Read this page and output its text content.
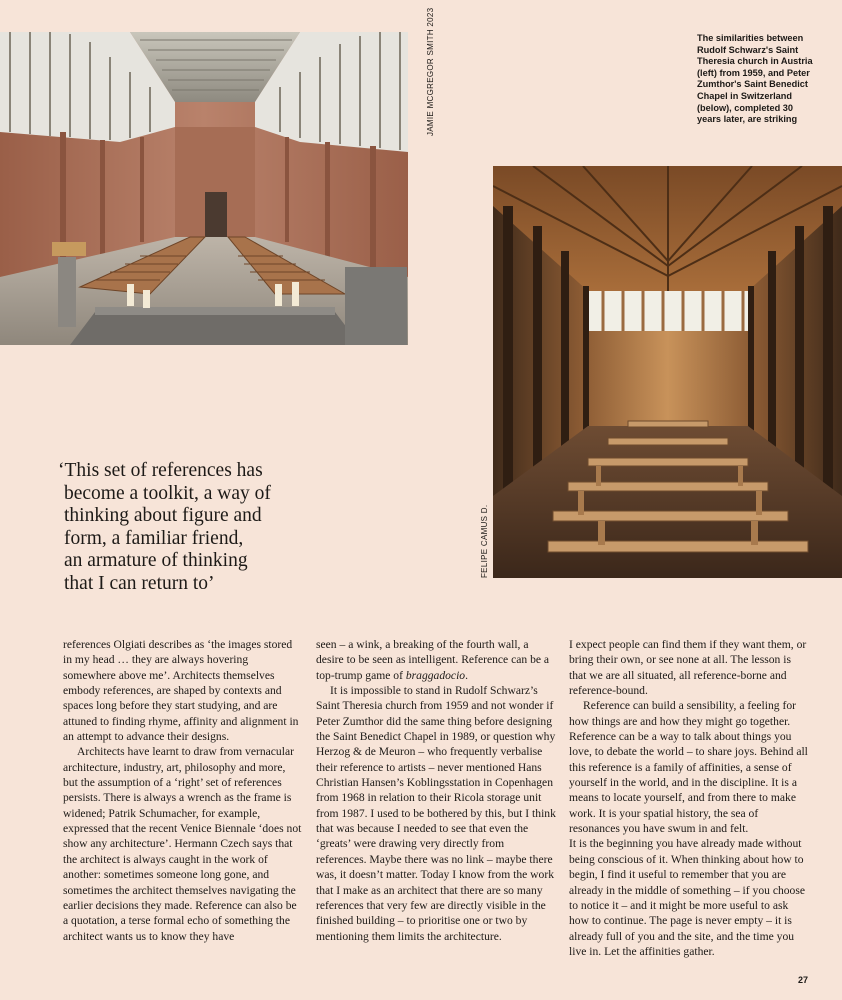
JAMIE MCGREGOR SMITH 2023	The similarities between Rudolf Schwarz's Saint Theresia church in Austria (left) from 1959, and Peter Zumthor's Saint Benedict Chapel in Switzerland (below), completed 30 years later, are striking
FELIPE CAMUS D.
‘This set of references has
become a toolkit, a way of
thinking about figure and
form, a familiar friend,
an armature of thinking
that I can return to’

references Olgiati describes as ‘the images stored in my head … they are always hovering somewhere above me’. Architects themselves embody references, are shaped by contexts and spaces long before they start studying, and are attuned to finding rhyme, affinity and alignment in an attempt to advance their designs.

Architects have learnt to draw from vernacular architecture, industry, art, philosophy and more, but the assumption of a ‘right’ set of references persists. There is always a wrench as the frame is widened; Patrik Schumacher, for example, expressed that the recent Venice Biennale ‘does not show any architecture’. Hermann Czech says that the architect is always caught in the work of another: sometimes someone long gone, and sometimes the architect themselves navigating the earlier decisions they made. Reference can also be a quotation, a terse formal echo of something the architect wants us to know they have

seen – a wink, a breaking of the fourth wall, a desire to be seen as intelligent. Reference can be a top-trump game of braggadocio.

It is impossible to stand in Rudolf Schwarz’s Saint Theresia church from 1959 and not wonder if Peter Zumthor did the same thing before designing the Saint Benedict Chapel in 1989, or question why Herzog & de Meuron – who frequently verbalise their reference to artists – never mentioned Hans Christian Hansen’s Koblingsstation in Copenhagen from 1968 in relation to their Ricola storage unit from 1987. I used to be bothered by this, but I think that was because I needed to see that even the ‘greats’ were drawing very directly from references. Maybe there was no link – maybe there was, it doesn’t matter. Today I know from the work that I make as an architect that there are so many references that very few are directly visible in the finished building – to prioritise one or two by mentioning them limits the architecture.

I expect people can find them if they want them, or bring their own, or see none at all. The lesson is that we are all situated, all reference-borne and reference-bound.

Reference can build a sensibility, a feeling for how things are and how they might go together. Reference can be a way to talk about things you love, to debate the world – to share joys. Behind all this reference is a family of affinities, a sense of yourself in the world, and in the discipline. It is a means to locate yourself, and from there to make work. It is your spatial history, the sea of resonances you have swum in and felt.

It is the beginning you have already made without being conscious of it. When thinking about how to begin, I find it useful to remember that you are already in the middle of something – if you choose to notice it – and it might be more useful to ask how to continue. The page is never empty – it is already full of you and the site, and the time you live in. Let the affinities gather.

27
